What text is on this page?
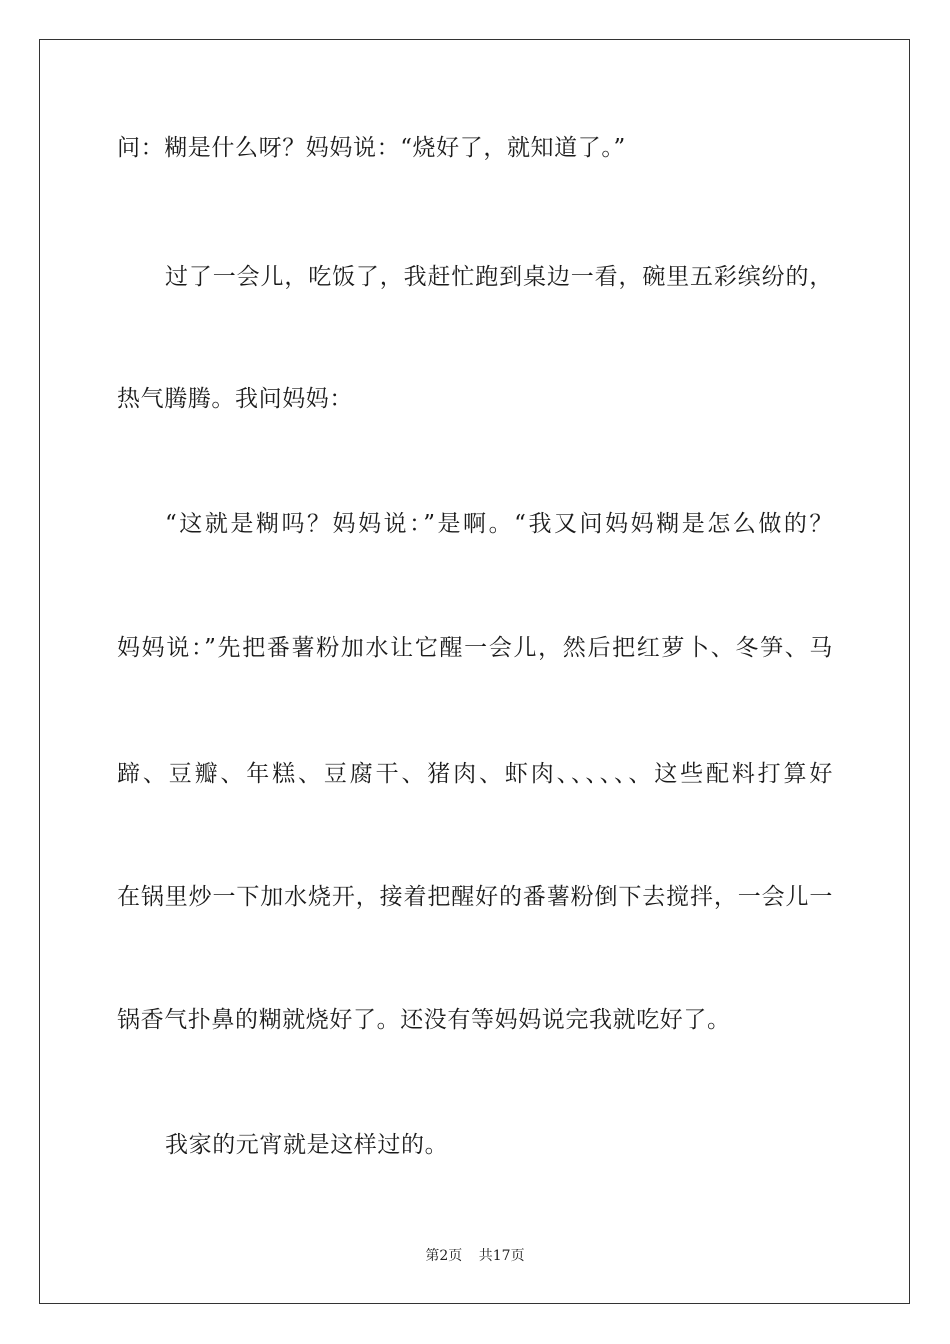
问：糊是什么呀？妈妈说：“烧好了，就知道了。”
过了一会儿，吃饭了，我赶忙跑到桌边一看，碗里五彩缤纷的，
热气腾腾。我问妈妈：
“这就是糊吗？妈妈说：”是啊。“我又问妈妈糊是怎么做的？
妈妈说：”先把番薯粉加水让它醒一会儿，然后把红萝卜、冬笋、马
蹄、豆瓣、年糕、豆腐干、猪肉、虾肉、、、、、、这些配料打算好
在锅里炒一下加水烧开，接着把醒好的番薯粉倒下去搅拌，一会儿一
锅香气扑鼻的糊就烧好了。还没有等妈妈说完我就吃好了。
我家的元宵就是这样过的。
第2页 共17页
